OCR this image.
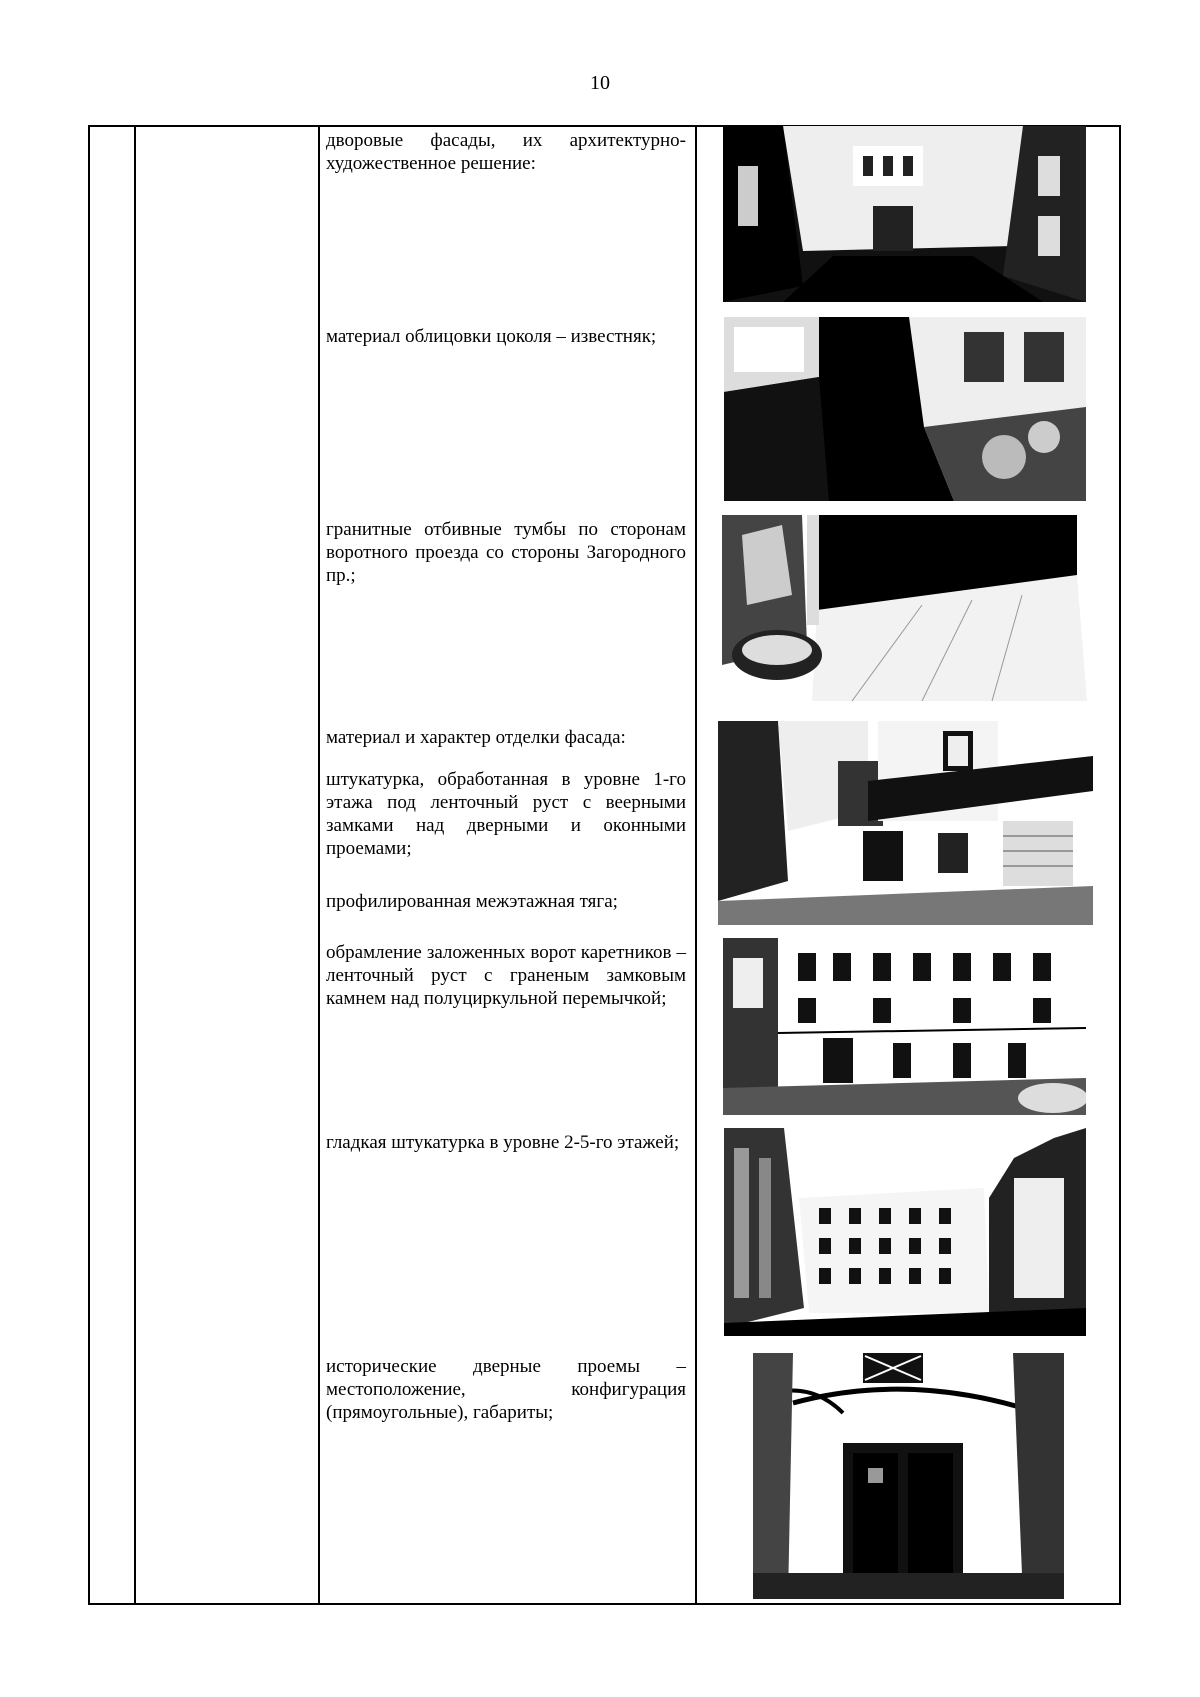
10
дворовые фасады, их архитектурно-художественное решение:
материал облицовки цоколя – известняк;
гранитные отбивные тумбы по сторонам воротного проезда со стороны Загородного пр.;
материал и характер отделки фасада:
штукатурка, обработанная в уровне 1-го этажа под ленточный руст с веерными замками над дверными и оконными проемами;
профилированная межэтажная тяга;
обрамление заложенных ворот каретников – ленточный руст с граненым замковым камнем над полуциркульной перемычкой;
гладкая штукатурка в уровне 2-5-го этажей;
исторические дверные проемы – местоположение, конфигурация (прямоугольные), габариты;
